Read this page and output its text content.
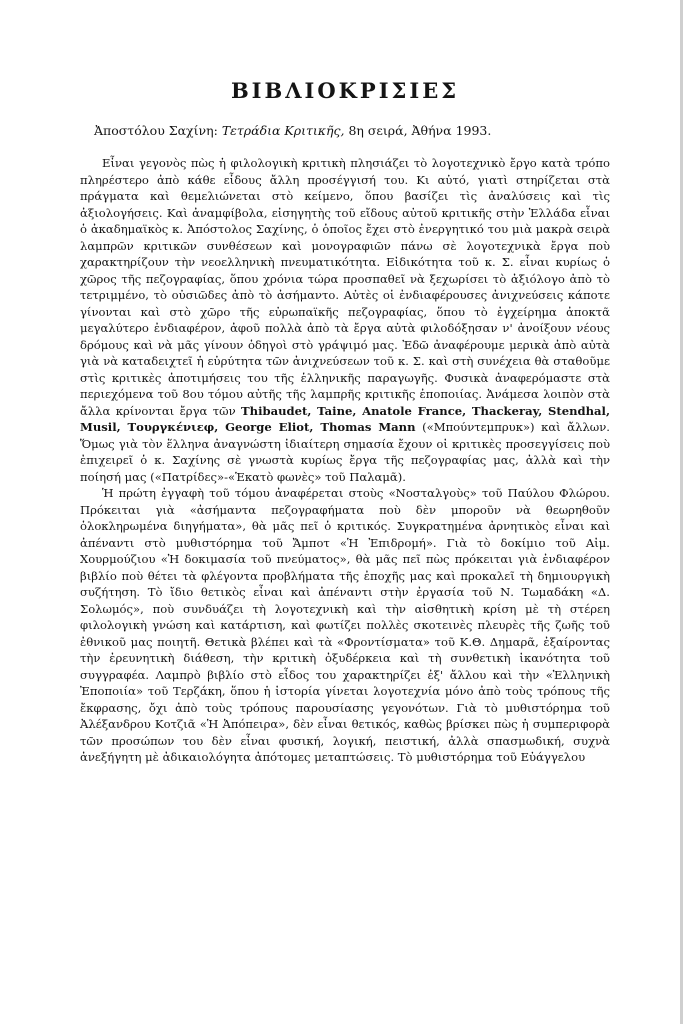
ΒΙΒΛΙΟΚΡΙΣΙΕΣ
Ἀποστόλου Σαχίνη: Τετράδια Κριτικῆς, 8η σειρά, Ἀθήνα 1993.

Εἶναι γεγονὸς πὼς ἡ φιλολογικὴ κριτικὴ πλησιάζει τὸ λογοτεχνικὸ ἔργο κατὰ τρόπο πληρέστερο ἀπὸ κάθε εἶδους ἄλλη προσέγγισή του. Κι αὐτό, γιατὶ στηρίζεται στὰ πράγματα καὶ θεμελιώνεται στὸ κείμενο, ὅπου βασίζει τὶς ἀναλύσεις καὶ τὶς ἀξιολογήσεις. Καὶ ἀναμφίβολα, εἰσηγητὴς τοῦ εἴδους αὐτοῦ κριτικῆς στὴν Ἑλλάδα εἶναι ὁ ἀκαδημαϊκὸς κ. Ἀπόστολος Σαχίνης, ὁ ὁποῖος ἔχει στὸ ἐνεργητικό του μιὰ μακρὰ σειρὰ λαμπρῶν κριτικῶν συνθέσεων καὶ μονογραφιῶν πάνω σὲ λογοτεχνικὰ ἔργα ποὺ χαρακτηρίζουν τὴν νεοελληνικὴ πνευματικότητα. Εἰδικότητα τοῦ κ. Σ. εἶναι κυρίως ὁ χῶρος τῆς πεζογραφίας, ὅπου χρόνια τώρα προσπαθεῖ νὰ ξεχωρίσει τὸ ἀξιόλογο ἀπὸ τὸ τετριμμένο, τὸ οὐσιῶδες ἀπὸ τὸ ἀσήμαντο. Αὐτὲς οἱ ἐνδιαφέρουσες ἀνιχνεύσεις κάποτε γίνονται καὶ στὸ χῶρο τῆς εὐρωπαϊκῆς πεζογραφίας, ὅπου τὸ ἐγχείρημα ἀποκτᾶ μεγαλύτερο ἐνδιαφέρον, ἀφοῦ πολλὰ ἀπὸ τὰ ἔργα αὐτὰ φιλοδόξησαν ν' ἀνοίξουν νέους δρόμους καὶ νὰ μᾶς γίνουν ὁδηγοὶ στὸ γράψιμό μας. Ἐδῶ ἀναφέρουμε μερικὰ ἀπὸ αὐτὰ γιὰ νὰ καταδειχτεῖ ἡ εὐρύτητα τῶν ἀνιχνεύσεων τοῦ κ. Σ. καὶ στὴ συνέχεια θὰ σταθοῦμε στὶς κριτικὲς ἀποτιμήσεις του τῆς ἑλληνικῆς παραγωγῆς. Φυσικὰ ἀναφερόμαστε στὰ περιεχόμενα τοῦ 8ου τόμου αὐτῆς τῆς λαμπρῆς κριτικῆς ἐποποιίας. Ἀνάμεσα λοιπὸν στὰ ἄλλα κρίνονται ἔργα τῶν Thibaudet, Taine, Anatole France, Thackeray, Stendhal, Musil, Τουργκένιεφ, George Eliot, Thomas Mann («Μπούντεμπρυκ») καὶ ἄλλων. Ὅμως γιὰ τὸν ἕλληνα ἀναγνώστη ἰδιαίτερη σημασία ἔχουν οἱ κριτικὲς προσεγγίσεις ποὺ ἐπιχειρεῖ ὁ κ. Σαχίνης σὲ γνωστὰ κυρίως ἔργα τῆς πεζογραφίας μας, ἀλλὰ καὶ τὴν ποίησή μας («Πατρίδες»-«Ἑκατὸ φωνὲς» τοῦ Παλαμᾶ).

Ἡ πρώτη ἐγγαφὴ τοῦ τόμου ἀναφέρεται στοὺς «Νοσταλγοὺς» τοῦ Παύλου Φλώρου. Πρόκειται γιὰ «ἀσήμαντα πεζογραφήματα ποὺ δὲν μποροῦν νὰ θεωρηθοῦν ὁλοκληρωμένα διηγήματα», θὰ μᾶς πεῖ ὁ κριτικός. Συγκρατημένα ἀρνητικὸς εἶναι καὶ ἀπέναντι στὸ μυθιστόρημα τοῦ Ἄμποτ «Ἡ Ἐπιδρομή». Γιὰ τὸ δοκίμιο τοῦ Αἰμ. Χουρμούζιου «Ἡ δοκιμασία τοῦ πνεύματος», θὰ μᾶς πεῖ πὼς πρόκειται γιὰ ἐνδιαφέρον βιβλίο ποὺ θέτει τὰ φλέγοντα προβλήματα τῆς ἐποχῆς μας καὶ προκαλεῖ τὴ δημιουργικὴ συζήτηση. Τὸ ἴδιο θετικὸς εἶναι καὶ ἀπέναντι στὴν ἐργασία τοῦ Ν. Τωμαδάκη «Δ. Σολωμός», ποὺ συνδυάζει τὴ λογοτεχνικὴ καὶ τὴν αἰσθητικὴ κρίση μὲ τὴ στέρεη φιλολογικὴ γνώση καὶ κατάρτιση, καὶ φωτίζει πολλὲς σκοτεινὲς πλευρὲς τῆς ζωῆς τοῦ ἐθνικοῦ μας ποιητῆ. Θετικὰ βλέπει καὶ τὰ «Φροντίσματα» τοῦ Κ.Θ. Δημαρᾶ, ἐξαίροντας τὴν ἐρευνητικὴ διάθεση, τὴν κριτικὴ ὀξυδέρκεια καὶ τὴ συνθετικὴ ἱκανότητα τοῦ συγγραφέα. Λαμπρὸ βιβλίο στὸ εἶδος του χαρακτηρίζει ἐξ' ἄλλου καὶ τὴν «Ἑλληνικὴ Ἐποποιία» τοῦ Τερζάκη, ὅπου ἡ ἱστορία γίνεται λογοτεχνία μόνο ἀπὸ τοὺς τρόπους τῆς ἔκφρασης, ὄχι ἀπὸ τοὺς τρόπους παρουσίασης γεγονότων. Γιὰ τὸ μυθιστόρημα τοῦ Ἀλέξανδρου Κοτζιᾶ «Ἡ Ἀπόπειρα», δὲν εἶναι θετικός, καθὼς βρίσκει πὼς ἡ συμπεριφορὰ τῶν προσώπων του δὲν εἶναι φυσική, λογική, πειστική, ἀλλὰ σπασμωδική, συχνὰ ἀνεξήγητη μὲ ἀδικαιολόγητα ἀπότομες μεταπτώσεις. Τὸ μυθιστόρημα τοῦ Εὐάγγελου
